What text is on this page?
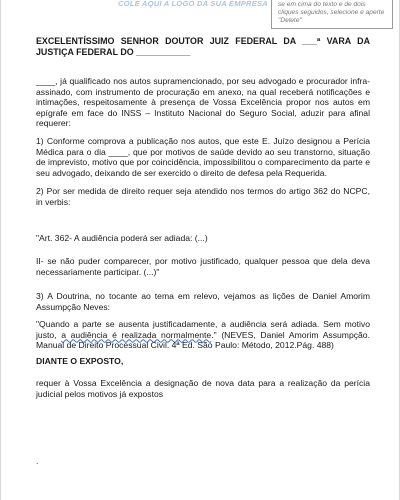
COLE AQUI A LOGO DA SUA EMPRESA	se em cima do texto e de dois cliques seguidos, selecione e aperte "Delete"
EXCELENTÍSSIMO SENHOR DOUTOR JUIZ FEDERAL DA ___ª VARA DA JUSTIÇA FEDERAL DO ___________

____, já qualificado nos autos supramencionado, por seu advogado e procurador infra-assinado, com instrumento de procuração em anexo, na qual receberá notificações e intimações, respeitosamente à presença de Vossa Excelência propor nos autos em epígrafe em face do INSS – Instituto Nacional do Seguro Social, aduzir para afinal requerer:

1) Conforme comprova a publicação nos autos, que este E. Juízo designou a Perícia Médica para o dia ____, que por motivos de saúde devido ao seu transtorno, situação de imprevisto, motivo que por coincidência, impossibilitou o comparecimento da parte e seu advogado, deixando de ser exercido o direito de defesa pela Requerida.

2) Por ser medida de direito requer seja atendido nos termos do artigo 362 do NCPC, in verbis:

"Art. 362- A audiência poderá ser adiada: (...)

II- se não puder comparecer, por motivo justificado, qualquer pessoa que dela deva necessariamente participar. (...)"

3) A Doutrina, no tocante ao tema em relevo, vejamos as lições de Daniel Amorim Assumpção Neves:

"Quando a parte se ausenta justificadamente, a audiência será adiada. Sem motivo justo, a audiência é realizada normalmente." (NEVES, Daniel Amorim Assumpção. Manual de Direito Processual Civil. 4ª Ed. São Paulo: Método, 2012.Pág. 488)

DIANTE O EXPOSTO,

requer à Vossa Excelência a designação de nova data para a realização da perícia judicial pelos motivos já expostos

.
